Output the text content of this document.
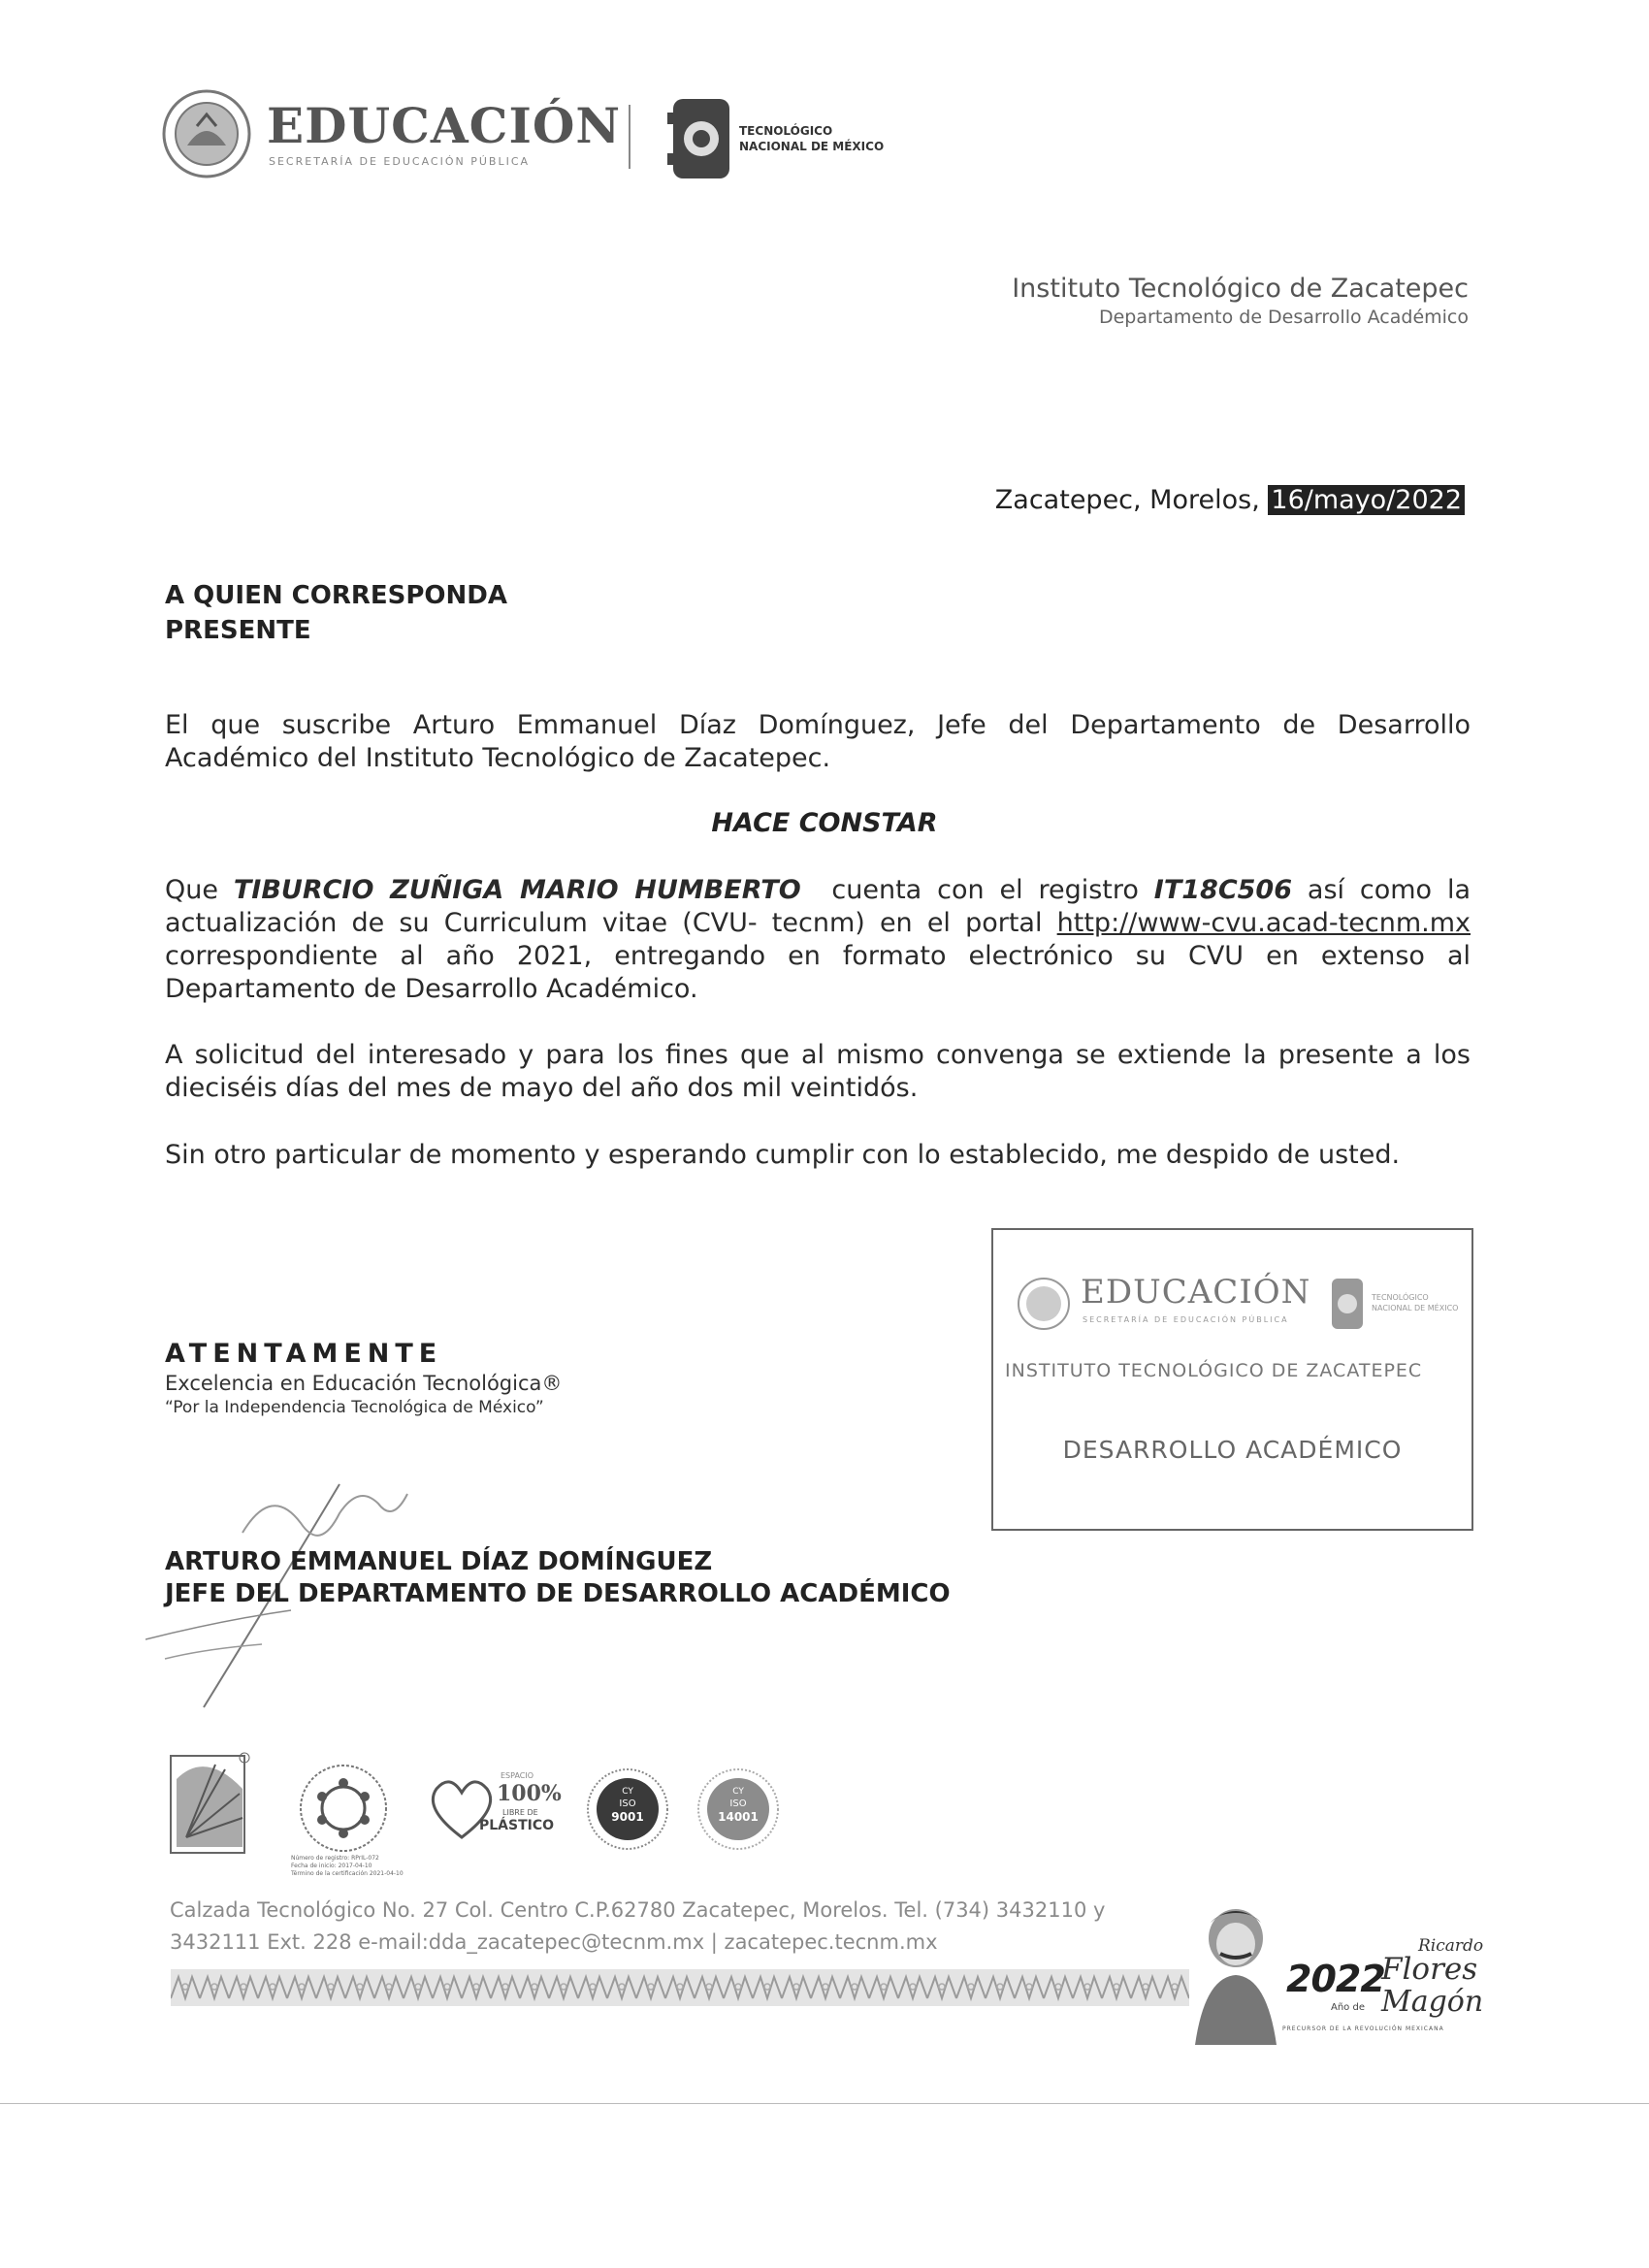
EDUCACIÓN
SECRETARÍA DE EDUCACIÓN PÚBLICA
TECNOLÓGICO
NACIONAL DE MÉXICO
Instituto Tecnológico de Zacatepec
Departamento de Desarrollo Académico
Zacatepec, Morelos, 16/mayo/2022
A QUIEN CORRESPONDA
PRESENTE
El que suscribe Arturo Emmanuel Díaz Domínguez, Jefe del Departamento de Desarrollo Académico del Instituto Tecnológico de Zacatepec.
HACE CONSTAR
Que TIBURCIO ZUÑIGA MARIO HUMBERTO  cuenta con el registro IT18C506 así como la actualización de su Curriculum vitae (CVU- tecnm) en el portal http://www-cvu.acad-tecnm.mx correspondiente al año 2021, entregando en formato electrónico su CVU en extenso al Departamento de Desarrollo Académico.
A solicitud del interesado y para los fines que al mismo convenga se extiende la presente a los dieciséis días del mes de mayo del año dos mil veintidós.
Sin otro particular de momento y esperando cumplir con lo establecido, me despido de usted.
ATENTAMENTE
Excelencia en Educación Tecnológica®
“Por la Independencia Tecnológica de México”
ARTURO EMMANUEL DÍAZ DOMÍNGUEZ
JEFE DEL DEPARTAMENTO DE DESARROLLO ACADÉMICO
EDUCACIÓN
SECRETARÍA DE EDUCACIÓN PÚBLICA
TECNOLÓGICO NACIONAL DE MÉXICO
INSTITUTO TECNOLÓGICO DE ZACATEPEC
DESARROLLO ACADÉMICO
Número de registro: RPrIL-072
Fecha de inicio: 2017-04-10
Término de la certificación 2021-04-10
ESPACIO
100%
LIBRE DE
PLÁSTICO
CY
ISO
9001
CY
ISO
14001
Calzada Tecnológico No. 27 Col. Centro C.P.62780 Zacatepec, Morelos. Tel. (734) 3432110 y
3432111 Ext. 228 e-mail:dda_zacatepec@tecnm.mx | zacatepec.tecnm.mx
2022
Año de
Ricardo
Flores
Magón
PRECURSOR DE LA REVOLUCIÓN MEXICANA
